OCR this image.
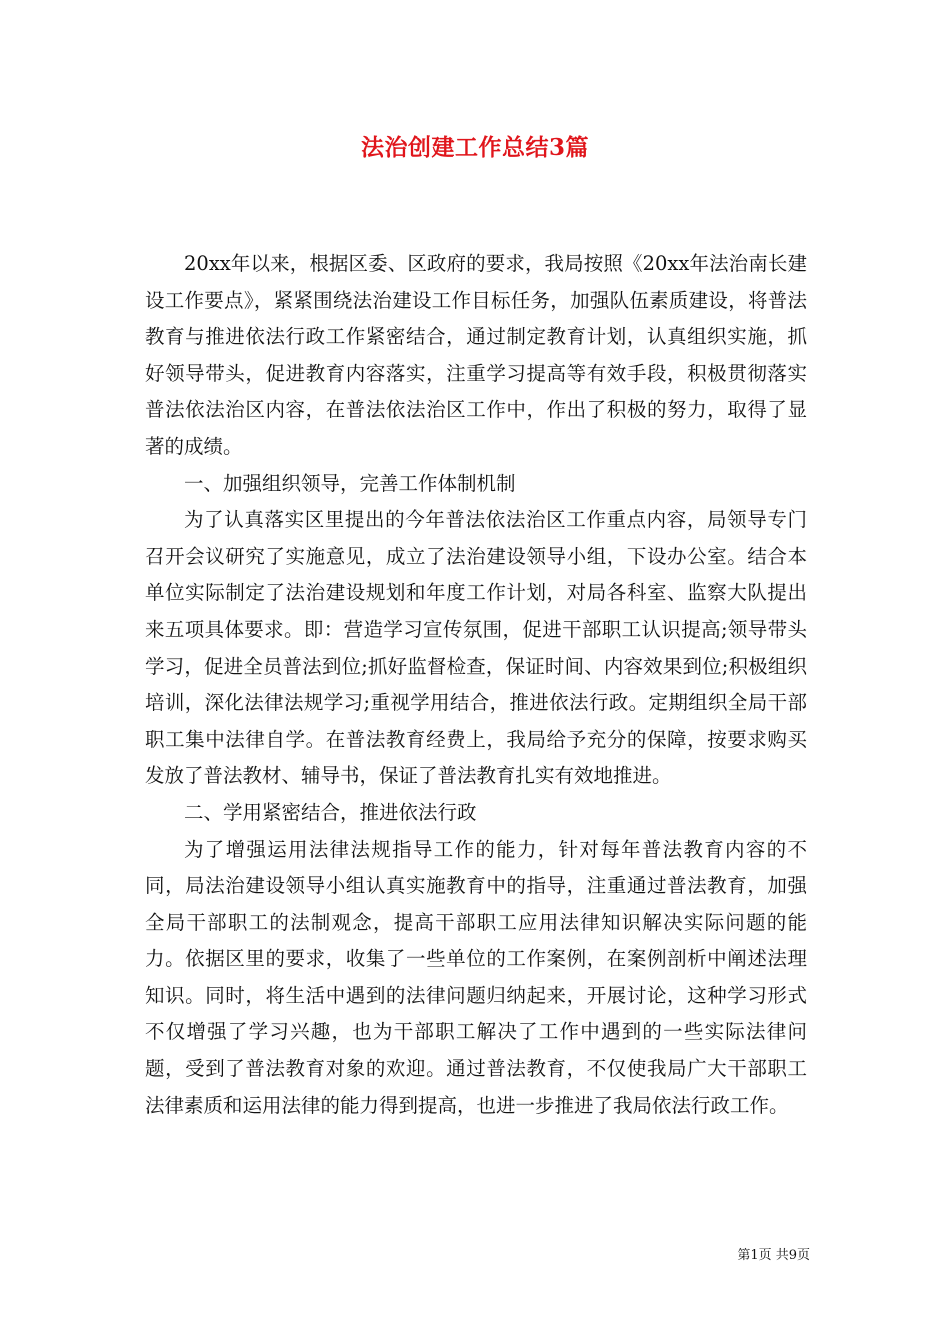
法治创建工作总结3篇

20xx年以来，根据区委、区政府的要求，我局按照《20xx年法治南长建设工作要点》，紧紧围绕法治建设工作目标任务，加强队伍素质建设，将普法教育与推进依法行政工作紧密结合，通过制定教育计划，认真组织实施，抓好领导带头，促进教育内容落实，注重学习提高等有效手段，积极贯彻落实普法依法治区内容，在普法依法治区工作中，作出了积极的努力，取得了显著的成绩。

一、加强组织领导，完善工作体制机制

为了认真落实区里提出的今年普法依法治区工作重点内容，局领导专门召开会议研究了实施意见，成立了法治建设领导小组，下设办公室。结合本单位实际制定了法治建设规划和年度工作计划，对局各科室、监察大队提出来五项具体要求。即：营造学习宣传氛围，促进干部职工认识提高;领导带头学习，促进全员普法到位;抓好监督检查，保证时间、内容效果到位;积极组织培训，深化法律法规学习;重视学用结合，推进依法行政。定期组织全局干部职工集中法律自学。在普法教育经费上，我局给予充分的保障，按要求购买发放了普法教材、辅导书，保证了普法教育扎实有效地推进。

二、学用紧密结合，推进依法行政

为了增强运用法律法规指导工作的能力，针对每年普法教育内容的不同，局法治建设领导小组认真实施教育中的指导，注重通过普法教育，加强全局干部职工的法制观念，提高干部职工应用法律知识解决实际问题的能力。依据区里的要求，收集了一些单位的工作案例，在案例剖析中阐述法理知识。同时，将生活中遇到的法律问题归纳起来，开展讨论，这种学习形式不仅增强了学习兴趣，也为干部职工解决了工作中遇到的一些实际法律问题，受到了普法教育对象的欢迎。通过普法教育，不仅使我局广大干部职工法律素质和运用法律的能力得到提高，也进一步推进了我局依法行政工作。

第1页 共9页
